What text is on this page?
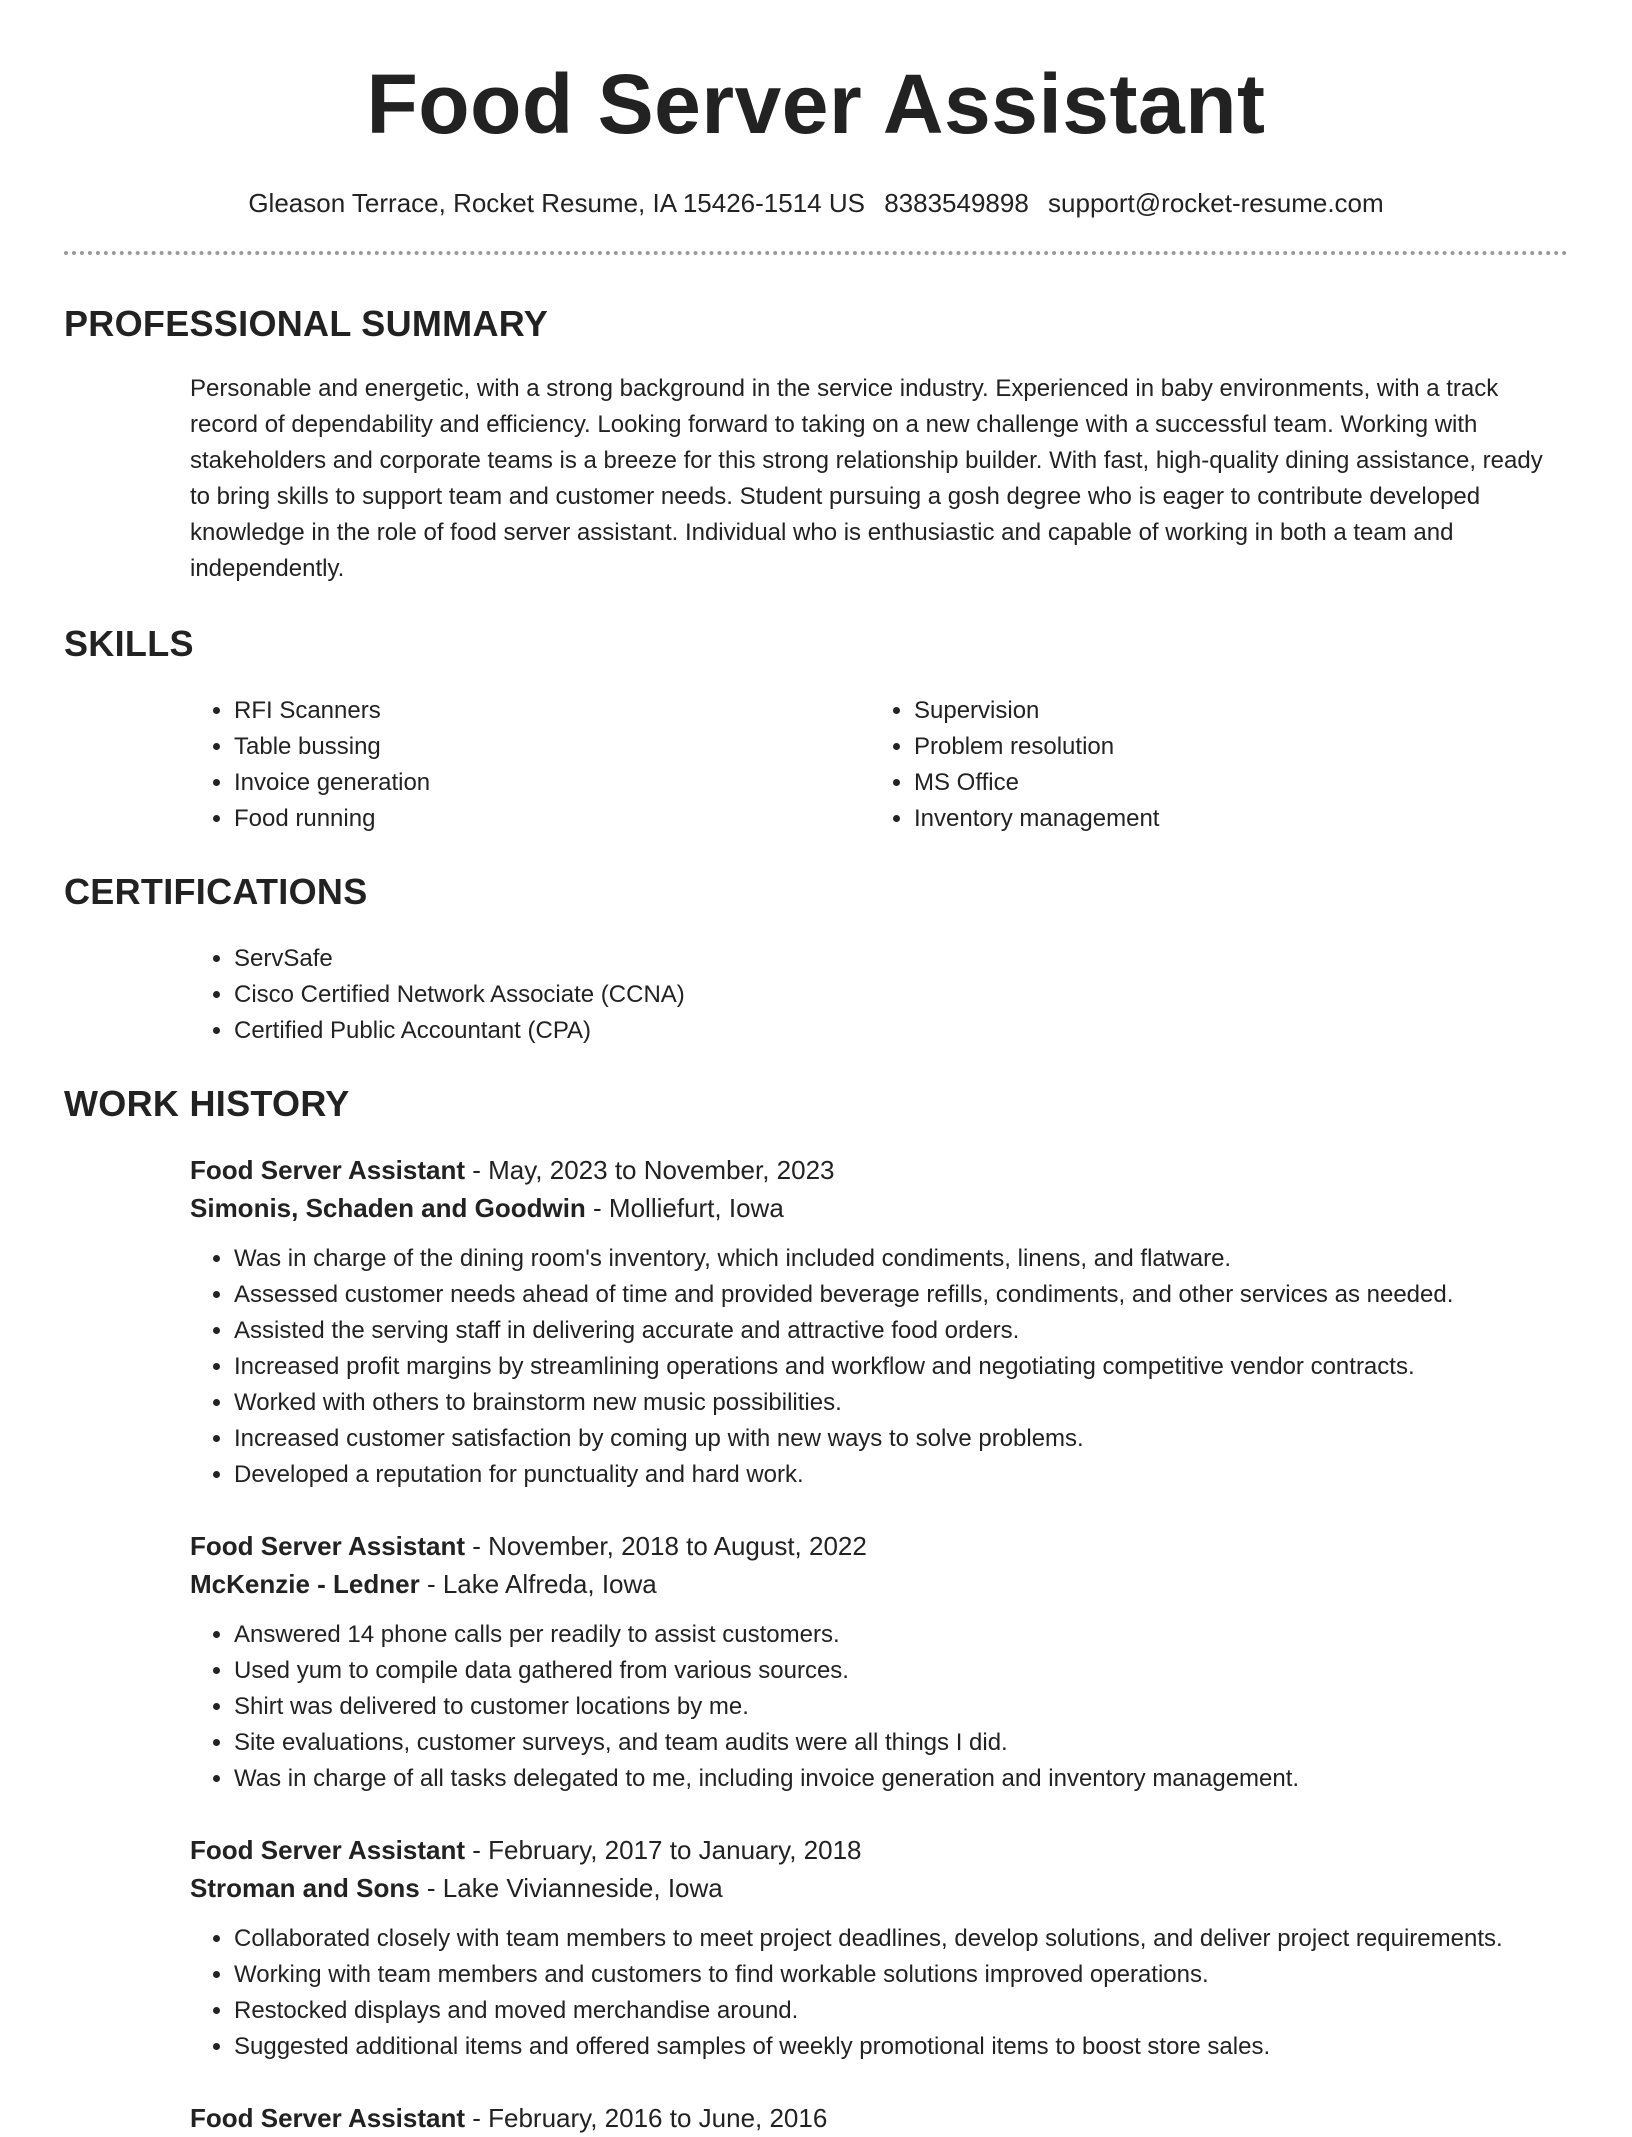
Food Server Assistant
Gleason Terrace, Rocket Resume, IA 15426-1514 US 8383549898 support@rocket-resume.com
PROFESSIONAL SUMMARY

Personable and energetic, with a strong background in the service industry. Experienced in baby environments, with a track record of dependability and efficiency. Looking forward to taking on a new challenge with a successful team. Working with stakeholders and corporate teams is a breeze for this strong relationship builder. With fast, high-quality dining assistance, ready to bring skills to support team and customer needs. Student pursuing a gosh degree who is eager to contribute developed knowledge in the role of food server assistant. Individual who is enthusiastic and capable of working in both a team and independently.

SKILLS
• RFI Scanners
• Table bussing
• Invoice generation
• Food running
• Supervision
• Problem resolution
• MS Office
• Inventory management
CERTIFICATIONS
• ServSafe
• Cisco Certified Network Associate (CCNA)
• Certified Public Accountant (CPA)
WORK HISTORY
Food Server Assistant - May, 2023 to November, 2023
Simonis, Schaden and Goodwin - Molliefurt, Iowa
• Was in charge of the dining room's inventory, which included condiments, linens, and flatware.
• Assessed customer needs ahead of time and provided beverage refills, condiments, and other services as needed.
• Assisted the serving staff in delivering accurate and attractive food orders.
• Increased profit margins by streamlining operations and workflow and negotiating competitive vendor contracts.
• Worked with others to brainstorm new music possibilities.
• Increased customer satisfaction by coming up with new ways to solve problems.
• Developed a reputation for punctuality and hard work.
Food Server Assistant - November, 2018 to August, 2022
McKenzie - Ledner - Lake Alfreda, Iowa
• Answered 14 phone calls per readily to assist customers.
• Used yum to compile data gathered from various sources.
• Shirt was delivered to customer locations by me.
• Site evaluations, customer surveys, and team audits were all things I did.
• Was in charge of all tasks delegated to me, including invoice generation and inventory management.
Food Server Assistant - February, 2017 to January, 2018
Stroman and Sons - Lake Vivianneside, Iowa
• Collaborated closely with team members to meet project deadlines, develop solutions, and deliver project requirements.
• Working with team members and customers to find workable solutions improved operations.
• Restocked displays and moved merchandise around.
• Suggested additional items and offered samples of weekly promotional items to boost store sales.
Food Server Assistant - February, 2016 to June, 2016
